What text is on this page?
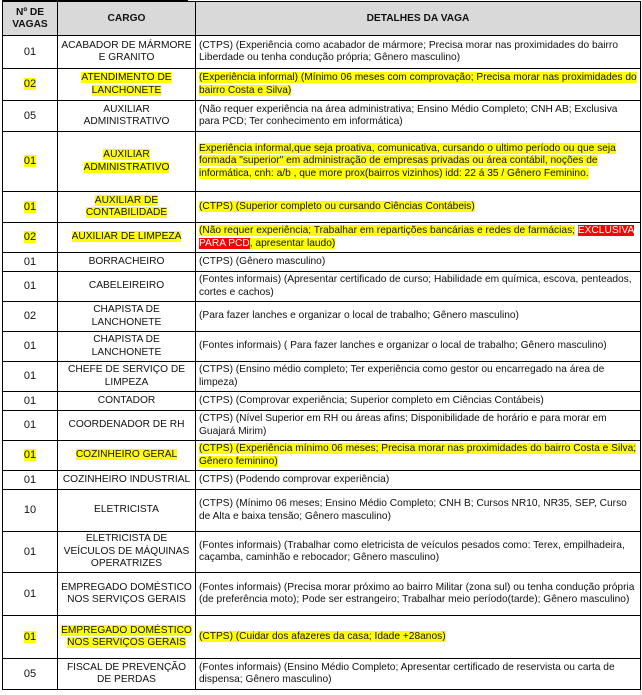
Nº DE VAGAS	CARGO	DETALHES DA VAGA
01	ACABADOR DE MÁRMORE E GRANITO	(CTPS) (Experiência como acabador de mármore; Precisa morar nas proximidades do bairro Liberdade ou tenha condução própria; Gênero masculino)
02	ATENDIMENTO DE LANCHONETE	(Experiência informal) (Mínimo 06 meses com comprovação; Precisa morar nas proximidades do bairro Costa e Silva)
05	AUXILIAR ADMINISTRATIVO	(Não requer experiência na área administrativa; Ensino Médio Completo; CNH AB; Exclusiva para PCD; Ter conhecimento em informática)
01	AUXILIAR ADMINISTRATIVO	Experiência informal,que seja proativa, comunicativa, cursando o ultimo período ou que seja formada "superior" em administração de empresas privadas ou área contábil, noções de informática, cnh: a/b , que more prox(bairros vizinhos) idd: 22 á 35 / Gênero Feminino.
01	AUXILIAR DE CONTABILIDADE	(CTPS) (Superior completo ou cursando Ciências Contábeis)
02	AUXILIAR DE LIMPEZA	(Não requer experiência; Trabalhar em repartições bancárias e redes de farmácias; EXCLUSIVA PARA PCD, apresentar laudo)
01	BORRACHEIRO	(CTPS) (Gênero masculino)
01	CABELEIREIRO	(Fontes informais) (Apresentar certificado de curso; Habilidade em química, escova, penteados, cortes e cachos)
02	CHAPISTA DE LANCHONETE	(Para fazer lanches e organizar o local de trabalho; Gênero masculino)
01	CHAPISTA DE LANCHONETE	(Fontes informais) ( Para fazer lanches e organizar o local de trabalho; Gênero masculino)
01	CHEFE DE SERVIÇO DE LIMPEZA	(CTPS) (Ensino médio completo; Ter experiência como gestor ou encarregado na área de limpeza)
01	CONTADOR	(CTPS) (Comprovar experiência; Superior completo em Ciências Contábeis)
01	COORDENADOR DE RH	(CTPS) (Nível Superior em RH ou áreas afins; Disponibilidade de horário e para morar em Guajará Mirim)
01	COZINHEIRO GERAL	(CTPS) (Experiência mínimo 06 meses; Precisa morar nas proximidades do bairro Costa e Silva; Gênero feminino)
01	COZINHEIRO INDUSTRIAL	(CTPS) (Podendo comprovar experiência)
10	ELETRICISTA	(CTPS) (Mínimo 06 meses; Ensino Médio Completo; CNH B; Cursos NR10, NR35, SEP, Curso de Alta e baixa tensão; Gênero masculino)
01	ELETRICISTA DE VEÍCULOS DE MÁQUINAS OPERATRIZES	(Fontes informais) (Trabalhar como eletricista de veículos pesados como: Terex, empilhadeira, caçamba, caminhão e rebocador; Gênero masculino)
01	EMPREGADO DOMÉSTICO NOS SERVIÇOS GERAIS	(Fontes informais) (Precisa morar próximo ao bairro Militar (zona sul) ou tenha condução própria (de preferência moto); Pode ser estrangeiro; Trabalhar meio período(tarde); Gênero masculino)
01	EMPREGADO DOMÉSTICO NOS SERVIÇOS GERAIS	(CTPS) (Cuidar dos afazeres da casa; Idade +28anos)
05	FISCAL DE PREVENÇÃO DE PERDAS	(Fontes informais) (Ensino Médio Completo; Apresentar certificado de reservista ou carta de dispensa; Gênero masculino)
